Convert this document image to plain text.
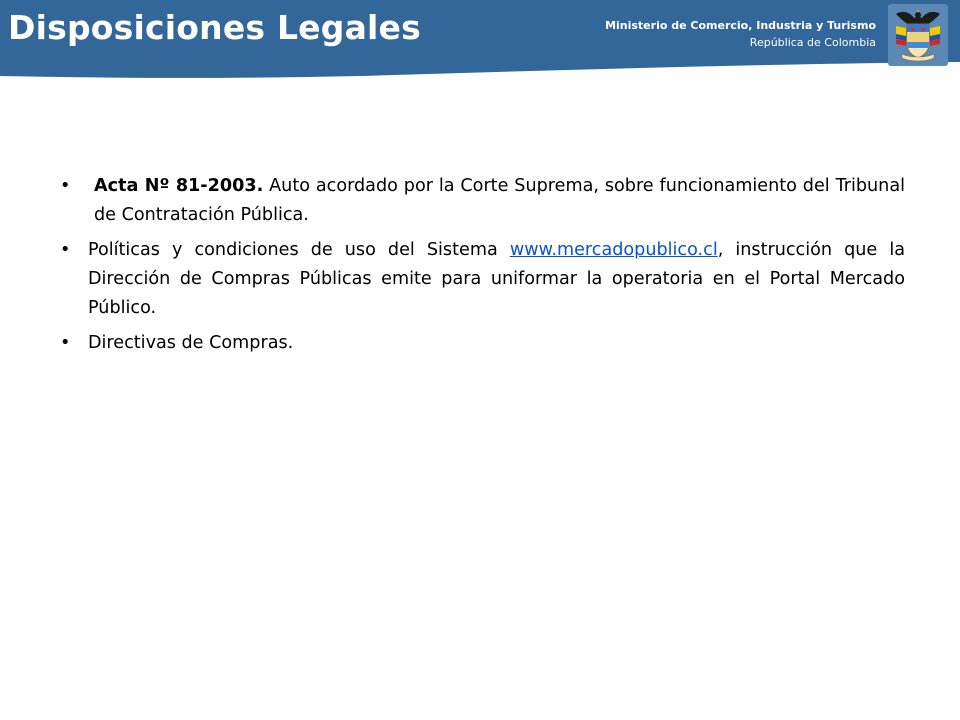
Disposiciones Legales	Ministerio de Comercio, Industria y Turismo
República de Colombia
•	Acta Nº 81-2003. Auto acordado por la Corte Suprema, sobre funcionamiento del Tribunal de Contratación Pública.
•	Políticas y condiciones de uso del Sistema www.mercadopublico.cl, instrucción que la Dirección de Compras Públicas emite para uniformar la operatoria en el Portal Mercado Público.
•	Directivas de Compras.
